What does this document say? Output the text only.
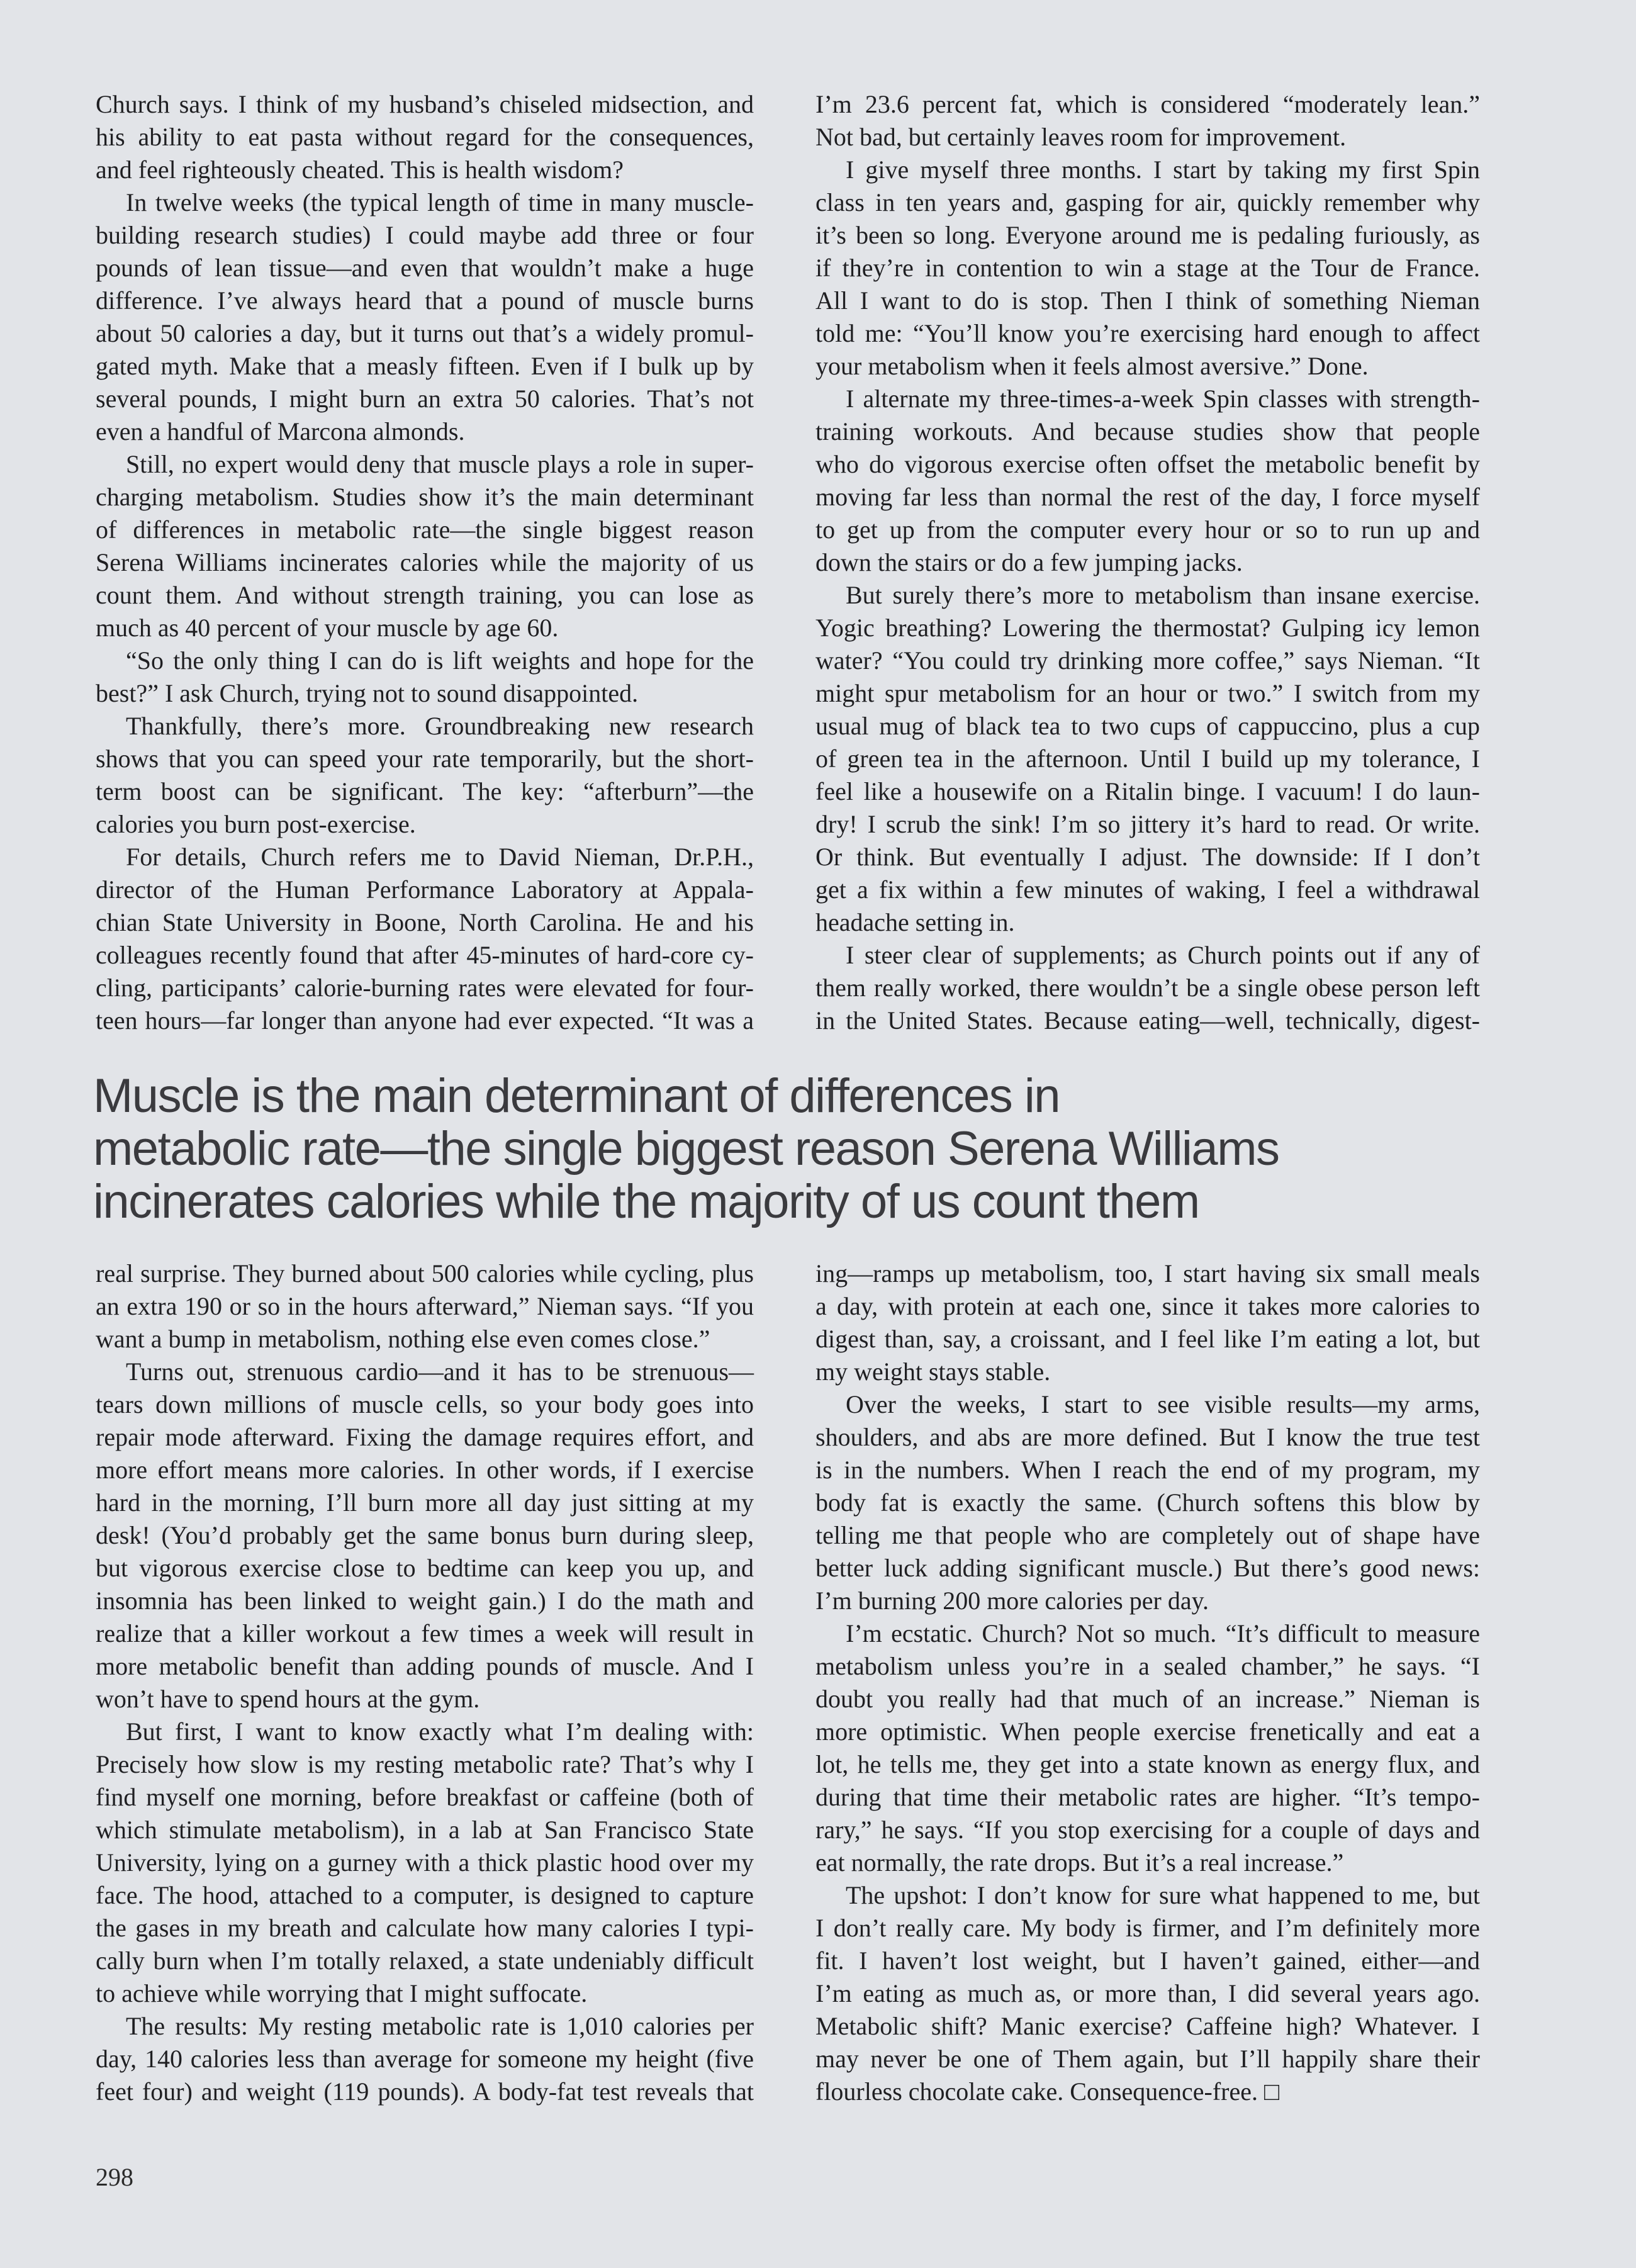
Church says. I think of my husband’s chiseled midsection, and
his ability to eat pasta without regard for the consequences,
and feel righteously cheated. This is health wisdom?
In twelve weeks (the typical length of time in many muscle-
building research studies) I could maybe add three or four
pounds of lean tissue—and even that wouldn’t make a huge
difference. I’ve always heard that a pound of muscle burns
about 50 calories a day, but it turns out that’s a widely promul-
gated myth. Make that a measly fifteen. Even if I bulk up by
several pounds, I might burn an extra 50 calories. That’s not
even a handful of Marcona almonds.
Still, no expert would deny that muscle plays a role in super-
charging metabolism. Studies show it’s the main determinant
of differences in metabolic rate—the single biggest reason
Serena Williams incinerates calories while the majority of us
count them. And without strength training, you can lose as
much as 40 percent of your muscle by age 60.
“So the only thing I can do is lift weights and hope for the
best?” I ask Church, trying not to sound disappointed.
Thankfully, there’s more. Groundbreaking new research
shows that you can speed your rate temporarily, but the short-
term boost can be significant. The key: “afterburn”—the
calories you burn post-exercise.
For details, Church refers me to David Nieman, Dr.P.H.,
director of the Human Performance Laboratory at Appala-
chian State University in Boone, North Carolina. He and his
colleagues recently found that after 45-minutes of hard-core cy-
cling, participants’ calorie-burning rates were elevated for four-
teen hours—far longer than anyone had ever expected. “It was a
I’m 23.6 percent fat, which is considered “moderately lean.”
Not bad, but certainly leaves room for improvement.
I give myself three months. I start by taking my first Spin
class in ten years and, gasping for air, quickly remember why
it’s been so long. Everyone around me is pedaling furiously, as
if they’re in contention to win a stage at the Tour de France.
All I want to do is stop. Then I think of something Nieman
told me: “You’ll know you’re exercising hard enough to affect
your metabolism when it feels almost aversive.” Done.
I alternate my three-times-a-week Spin classes with strength-
training workouts. And because studies show that people
who do vigorous exercise often offset the metabolic benefit by
moving far less than normal the rest of the day, I force myself
to get up from the computer every hour or so to run up and
down the stairs or do a few jumping jacks.
But surely there’s more to metabolism than insane exercise.
Yogic breathing? Lowering the thermostat? Gulping icy lemon
water? “You could try drinking more coffee,” says Nieman. “It
might spur metabolism for an hour or two.” I switch from my
usual mug of black tea to two cups of cappuccino, plus a cup
of green tea in the afternoon. Until I build up my tolerance, I
feel like a housewife on a Ritalin binge. I vacuum! I do laun-
dry! I scrub the sink! I’m so jittery it’s hard to read. Or write.
Or think. But eventually I adjust. The downside: If I don’t
get a fix within a few minutes of waking, I feel a withdrawal
headache setting in.
I steer clear of supplements; as Church points out if any of
them really worked, there wouldn’t be a single obese person left
in the United States. Because eating—well, technically, digest-
Muscle is the main determinant of differences in
metabolic rate—the single biggest reason Serena Williams
incinerates calories while the majority of us count them
real surprise. They burned about 500 calories while cycling, plus
an extra 190 or so in the hours afterward,” Nieman says. “If you
want a bump in metabolism, nothing else even comes close.”
Turns out, strenuous cardio—and it has to be strenuous—
tears down millions of muscle cells, so your body goes into
repair mode afterward. Fixing the damage requires effort, and
more effort means more calories. In other words, if I exercise
hard in the morning, I’ll burn more all day just sitting at my
desk! (You’d probably get the same bonus burn during sleep,
but vigorous exercise close to bedtime can keep you up, and
insomnia has been linked to weight gain.) I do the math and
realize that a killer workout a few times a week will result in
more metabolic benefit than adding pounds of muscle. And I
won’t have to spend hours at the gym.
But first, I want to know exactly what I’m dealing with:
Precisely how slow is my resting metabolic rate? That’s why I
find myself one morning, before breakfast or caffeine (both of
which stimulate metabolism), in a lab at San Francisco State
University, lying on a gurney with a thick plastic hood over my
face. The hood, attached to a computer, is designed to capture
the gases in my breath and calculate how many calories I typi-
cally burn when I’m totally relaxed, a state undeniably difficult
to achieve while worrying that I might suffocate.
The results: My resting metabolic rate is 1,010 calories per
day, 140 calories less than average for someone my height (five
feet four) and weight (119 pounds). A body-fat test reveals that
ing—ramps up metabolism, too, I start having six small meals
a day, with protein at each one, since it takes more calories to
digest than, say, a croissant, and I feel like I’m eating a lot, but
my weight stays stable.
Over the weeks, I start to see visible results—my arms,
shoulders, and abs are more defined. But I know the true test
is in the numbers. When I reach the end of my program, my
body fat is exactly the same. (Church softens this blow by
telling me that people who are completely out of shape have
better luck adding significant muscle.) But there’s good news:
I’m burning 200 more calories per day.
I’m ecstatic. Church? Not so much. “It’s difficult to measure
metabolism unless you’re in a sealed chamber,” he says. “I
doubt you really had that much of an increase.” Nieman is
more optimistic. When people exercise frenetically and eat a
lot, he tells me, they get into a state known as energy flux, and
during that time their metabolic rates are higher. “It’s tempo-
rary,” he says. “If you stop exercising for a couple of days and
eat normally, the rate drops. But it’s a real increase.”
The upshot: I don’t know for sure what happened to me, but
I don’t really care. My body is firmer, and I’m definitely more
fit. I haven’t lost weight, but I haven’t gained, either—and
I’m eating as much as, or more than, I did several years ago.
Metabolic shift? Manic exercise? Caffeine high? Whatever. I
may never be one of Them again, but I’ll happily share their
flourless chocolate cake. Consequence-free. □
298
